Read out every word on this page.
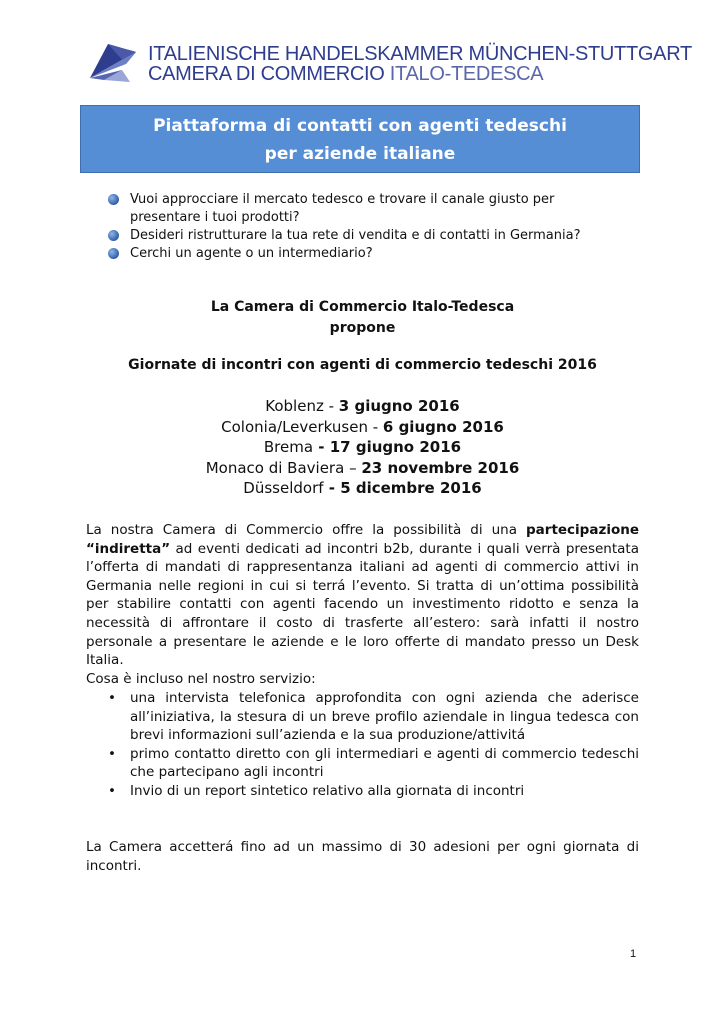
ITALIENISCHE HANDELSKAMMER MÜNCHEN-STUTTGART
CAMERA DI COMMERCIO ITALO-TEDESCA
Piattaforma di contatti con agenti tedeschi
per aziende italiane
Vuoi approcciare il mercato tedesco e trovare il canale giusto per presentare i tuoi prodotti?
Desideri ristrutturare la tua rete di vendita e di contatti in Germania?
Cerchi un agente o un intermediario?
La Camera di Commercio Italo-Tedesca
propone
Giornate di incontri con agenti di commercio tedeschi 2016
Koblenz - 3 giugno 2016
Colonia/Leverkusen - 6 giugno 2016
Brema - 17 giugno 2016
Monaco di Baviera – 23 novembre 2016
Düsseldorf - 5 dicembre 2016
La nostra Camera di Commercio offre la possibilità di una partecipazione “indiretta” ad eventi dedicati ad incontri b2b, durante i quali verrà presentata l’offerta di mandati di rappresentanza italiani ad agenti di commercio attivi in Germania nelle regioni in cui si terrá l’evento. Si tratta di un’ottima possibilità per stabilire contatti con agenti facendo un investimento ridotto e senza la necessità di affrontare il costo di trasferte all’estero: sarà infatti il nostro personale a presentare le aziende e le loro offerte di mandato presso un Desk Italia.
Cosa è incluso nel nostro servizio:
• una intervista telefonica approfondita con ogni azienda che aderisce all’iniziativa, la stesura di un breve profilo aziendale in lingua tedesca con brevi informazioni sull’azienda e la sua produzione/attivitá
• primo contatto diretto con gli intermediari e agenti di commercio tedeschi che partecipano agli incontri
• Invio di un report sintetico relativo alla giornata di incontri
La Camera accetterá fino ad un massimo di 30 adesioni per ogni giornata di incontri.
1
